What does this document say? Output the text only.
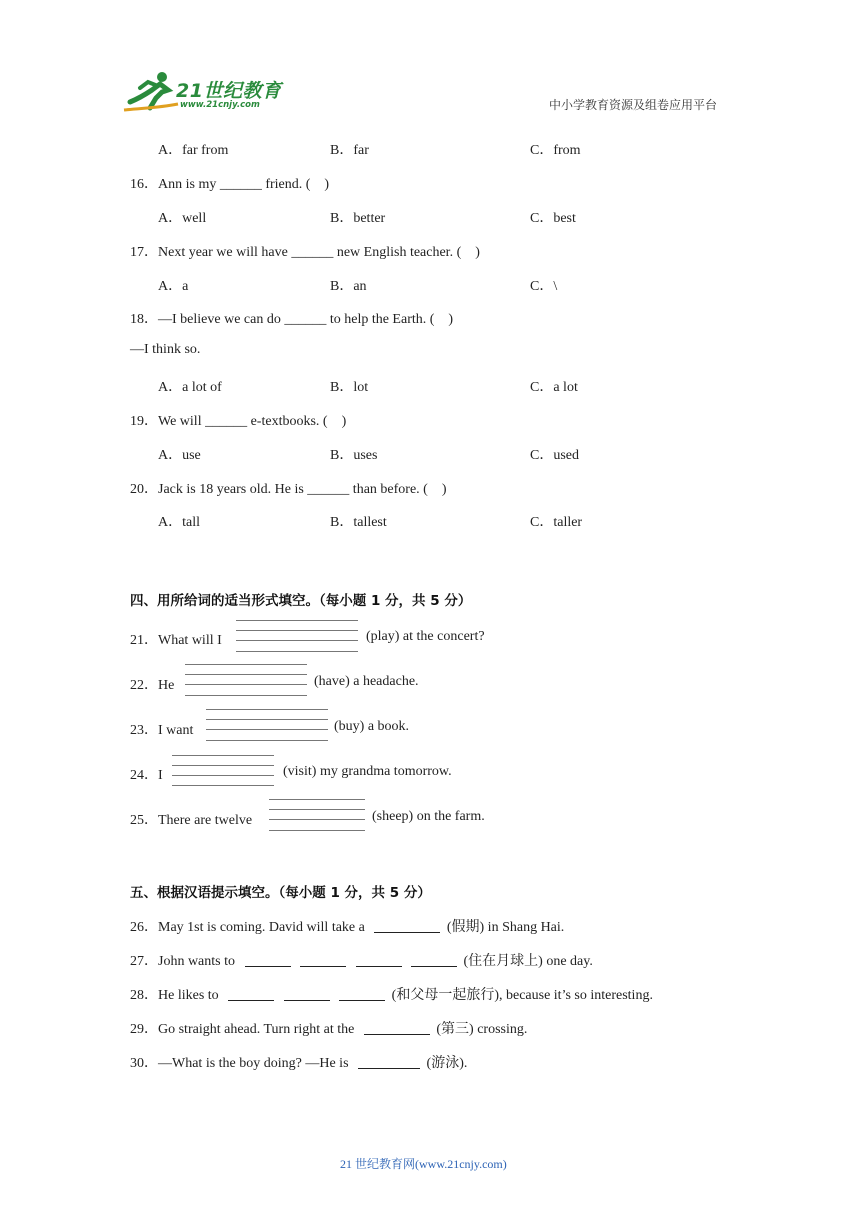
21世纪教育
www.21cnjy.com	中小学教育资源及组卷应用平台
A．far from	B．far	C．from
16．Ann is my ______ friend. (　)
A．well	B．better	C．best
17．Next year we will have ______ new English teacher. (　)
A．a	B．an	C．\
18．—I believe we can do ______ to help the Earth. (　)
—I think so.
A．a lot of	B．lot	C．a lot
19．We will ______ e-textbooks. (　)
A．use	B．uses	C．used
20．Jack is 18 years old. He is ______ than before. (　)
A．tall	B．tallest	C．taller
四、用所给词的适当形式填空。（每小题 1 分，共 5 分）
21．What will I	(play) at the concert?
22．He	(have) a headache.
23．I want	(buy) a book.
24．I	(visit) my grandma tomorrow.
25．There are twelve	(sheep) on the farm.
五、根据汉语提示填空。（每小题 1 分，共 5 分）
26．May 1st is coming. David will take a	(假期) in Shang Hai.
27．John wants to	(住在月球上) one day.
28．He likes to	(和父母一起旅行), because it’s so interesting.
29．Go straight ahead. Turn right at the	(第三) crossing.
30．—What is the boy doing? —He is	(游泳).
21 世纪教育网(www.21cnjy.com)
